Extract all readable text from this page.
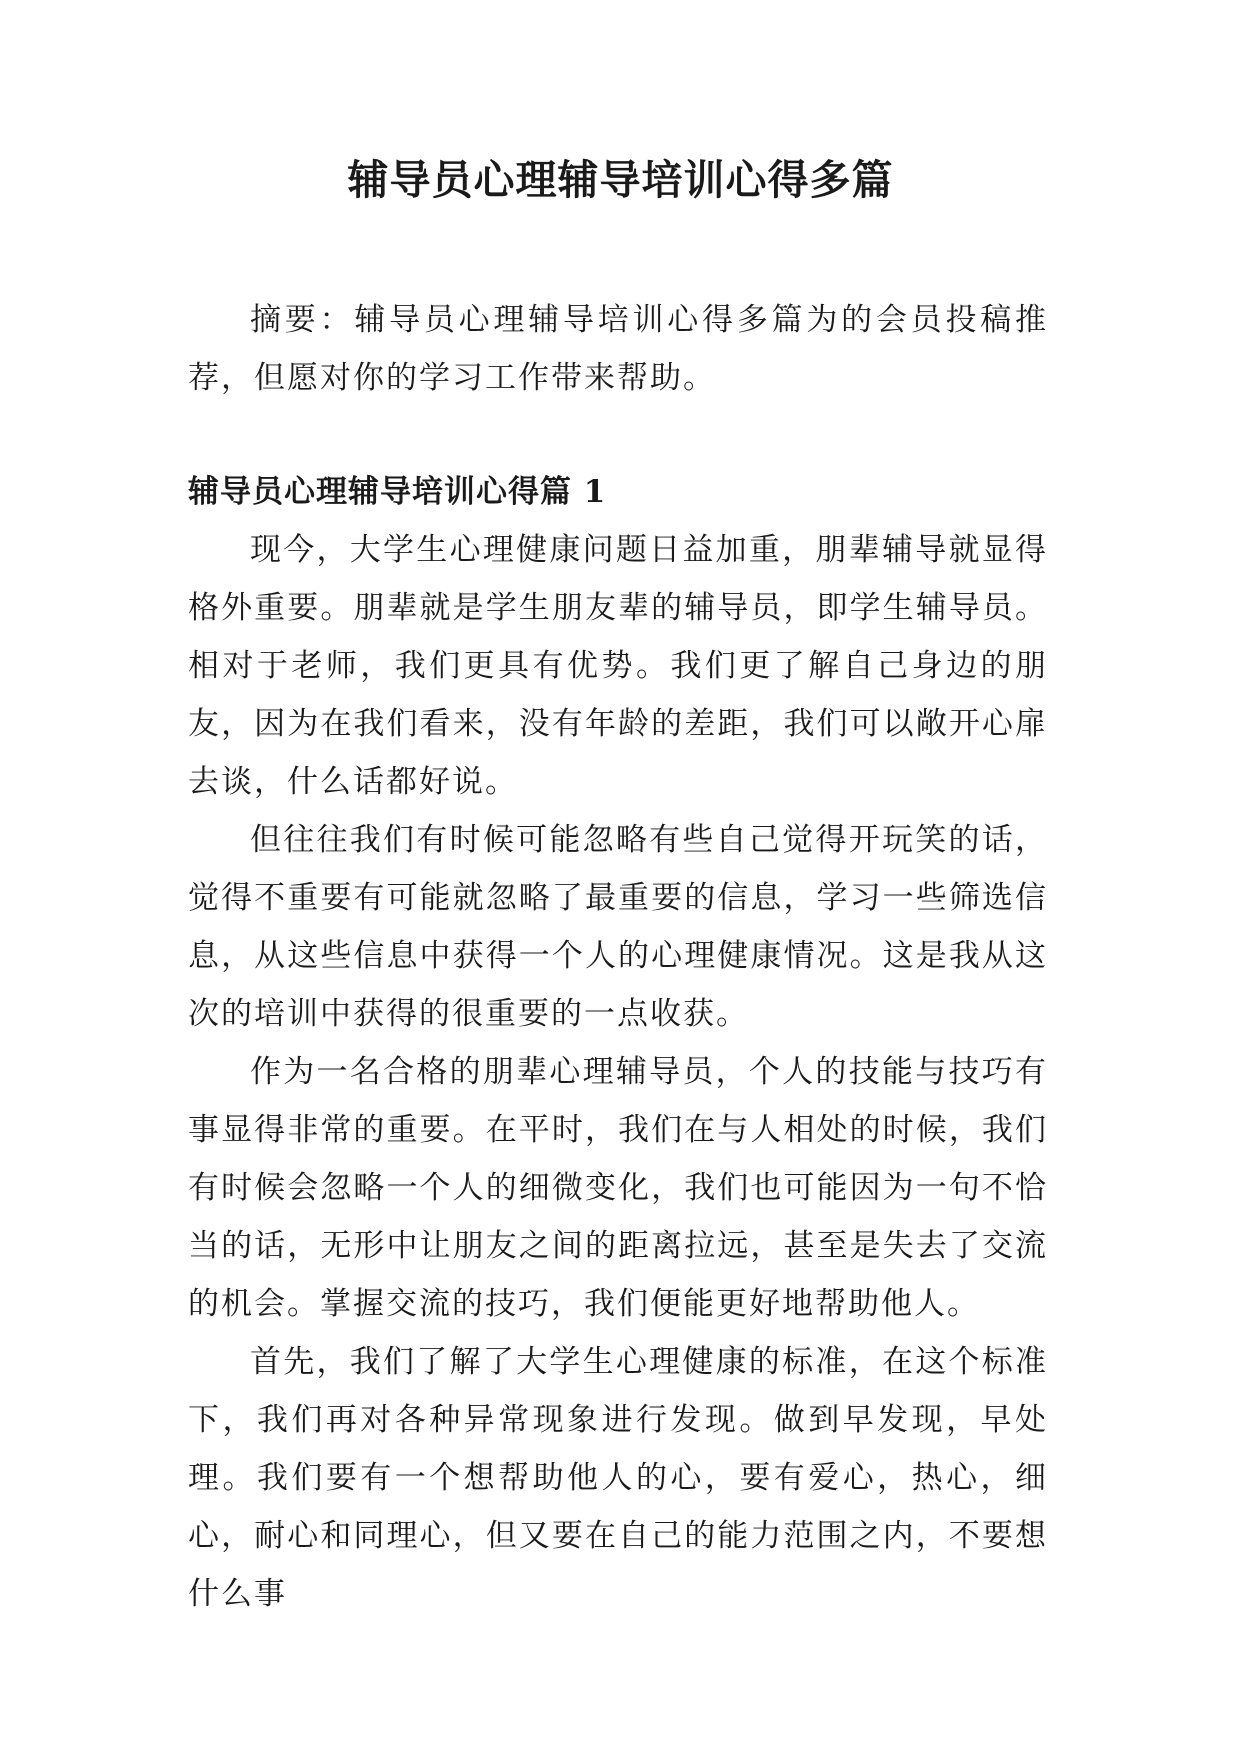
辅导员心理辅导培训心得多篇

摘要：辅导员心理辅导培训心得多篇为的会员投稿推荐，但愿对你的学习工作带来帮助。

辅导员心理辅导培训心得篇 1

现今，大学生心理健康问题日益加重，朋辈辅导就显得格外重要。朋辈就是学生朋友辈的辅导员，即学生辅导员。相对于老师，我们更具有优势。我们更了解自己身边的朋友，因为在我们看来，没有年龄的差距，我们可以敞开心扉去谈，什么话都好说。

但往往我们有时候可能忽略有些自己觉得开玩笑的话，觉得不重要有可能就忽略了最重要的信息，学习一些筛选信息，从这些信息中获得一个人的心理健康情况。这是我从这次的培训中获得的很重要的一点收获。

作为一名合格的朋辈心理辅导员，个人的技能与技巧有事显得非常的重要。在平时，我们在与人相处的时候，我们有时候会忽略一个人的细微变化，我们也可能因为一句不恰当的话，无形中让朋友之间的距离拉远，甚至是失去了交流的机会。掌握交流的技巧，我们便能更好地帮助他人。

首先，我们了解了大学生心理健康的标准，在这个标准下，我们再对各种异常现象进行发现。做到早发现，早处理。我们要有一个想帮助他人的心，要有爱心，热心，细心，耐心和同理心，但又要在自己的能力范围之内，不要想什么事
